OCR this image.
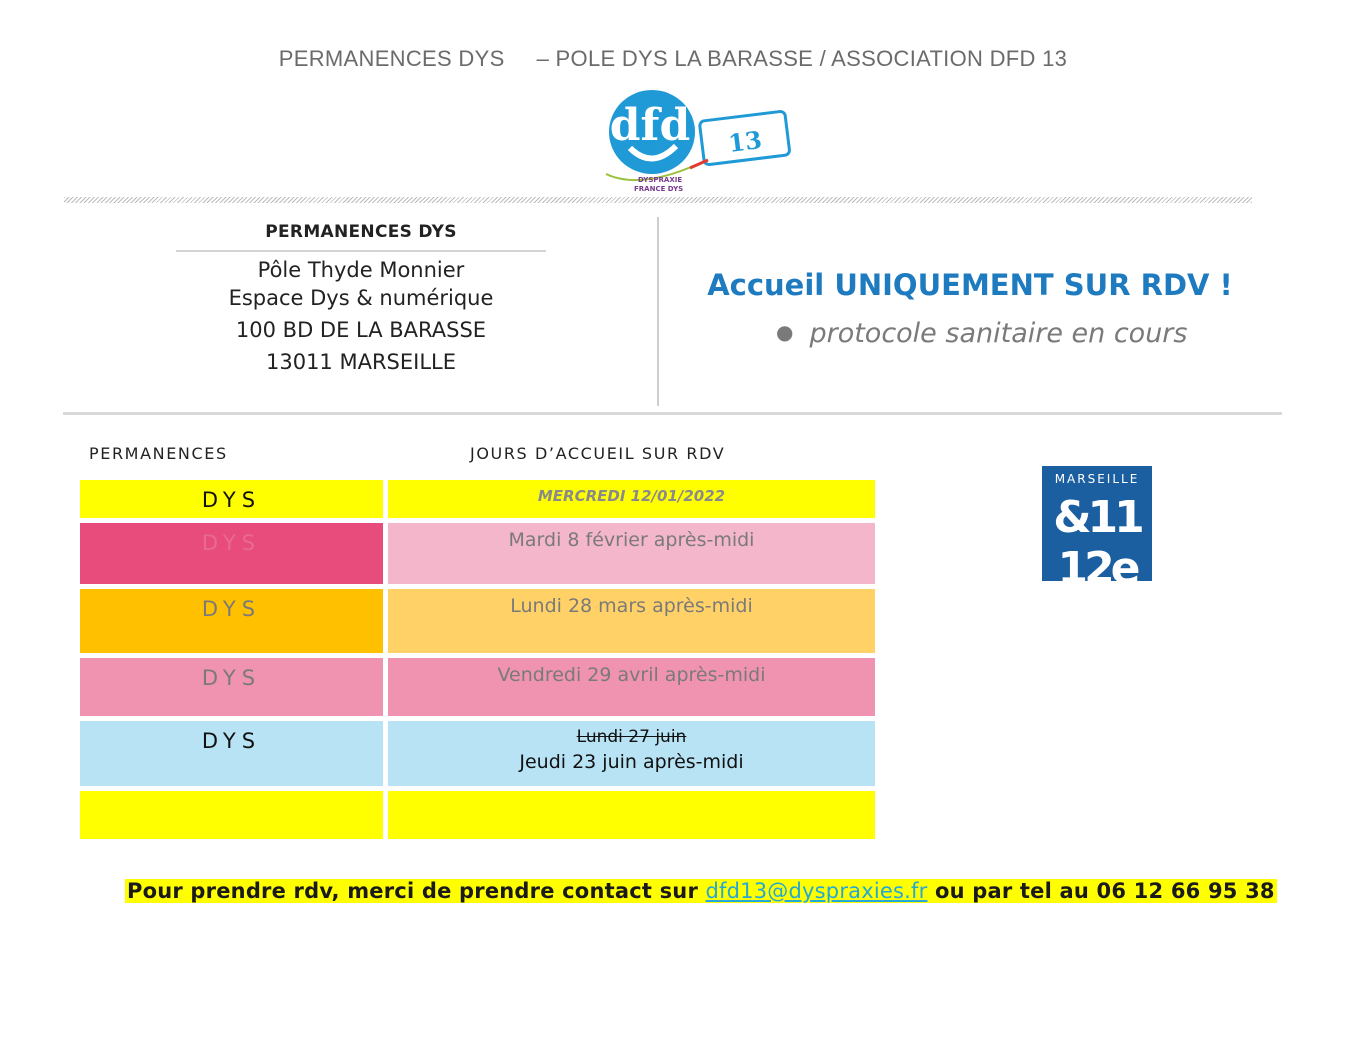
PERMANENCES DYS     – POLE DYS LA BARASSE / ASSOCIATION DFD 13
dfd 13
DYSPRAXIE
FRANCE DYS
PERMANENCES DYS
Pôle Thyde Monnier
Espace Dys & numérique
100 BD DE LA BARASSE
13011 MARSEILLE
Accueil UNIQUEMENT SUR RDV !
● protocole sanitaire en cours
PERMANENCES	JOURS D’ACCUEIL SUR RDV
DYS	MERCREDI 12/01/2022
DYS	Mardi 8 février après-midi
DYS	Lundi 28 mars après-midi
DYS	Vendredi 29 avril après-midi
DYS	Lundi 27 juin
Jeudi 23 juin après-midi
MARSEILLE
&11 12e
Pour prendre rdv, merci de prendre contact sur dfd13@dyspraxies.fr ou par tel au 06 12 66 95 38
